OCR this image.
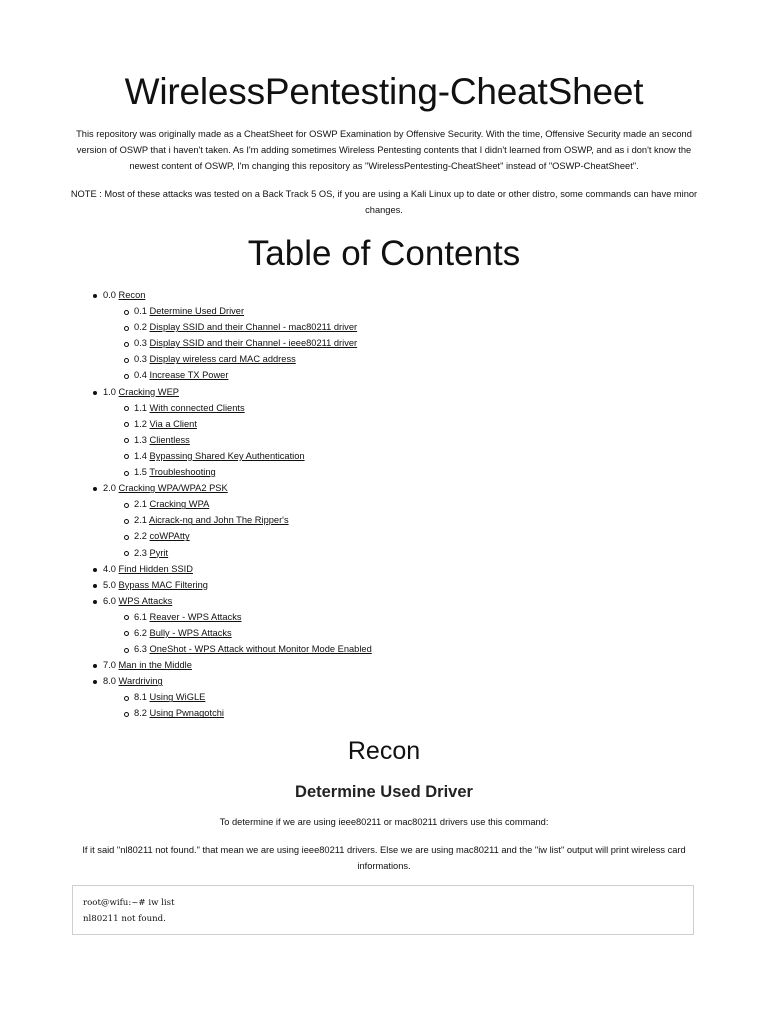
WirelessPentesting-CheatSheet

This repository was originally made as a CheatSheet for OSWP Examination by Offensive Security. With the time, Offensive Security made an second version of OSWP that i haven't taken. As I'm adding sometimes Wireless Pentesting contents that I didn't learned from OSWP, and as i don't know the newest content of OSWP, I'm changing this repository as "WirelessPentesting-CheatSheet" instead of "OSWP-CheatSheet".

NOTE : Most of these attacks was tested on a Back Track 5 OS, if you are using a Kali Linux up to date or other distro, some commands can have minor changes.

Table of Contents
0.0 Recon
0.1 Determine Used Driver
0.2 Display SSID and their Channel - mac80211 driver
0.3 Display SSID and their Channel - ieee80211 driver
0.3 Display wireless card MAC address
0.4 Increase TX Power
1.0 Cracking WEP
1.1 With connected Clients
1.2 Via a Client
1.3 Clientless
1.4 Bypassing Shared Key Authentication
1.5 Troubleshooting
2.0 Cracking WPA/WPA2 PSK
2.1 Cracking WPA
2.1 Aicrack-ng and John The Ripper's
2.2 coWPAtty
2.3 Pyrit
4.0 Find Hidden SSID
5.0 Bypass MAC Filtering
6.0 WPS Attacks
6.1 Reaver - WPS Attacks
6.2 Bully - WPS Attacks
6.3 OneShot - WPS Attack without Monitor Mode Enabled
7.0 Man in the Middle
8.0 Wardriving
8.1 Using WiGLE
8.2 Using Pwnagotchi
Recon
Determine Used Driver

To determine if we are using ieee80211 or mac80211 drivers use this command:

If it said "nl80211 not found." that mean we are using ieee80211 drivers. Else we are using mac80211 and the "iw list" output will print wireless card informations.

root@wifu:~# iw list
nl80211 not found.
